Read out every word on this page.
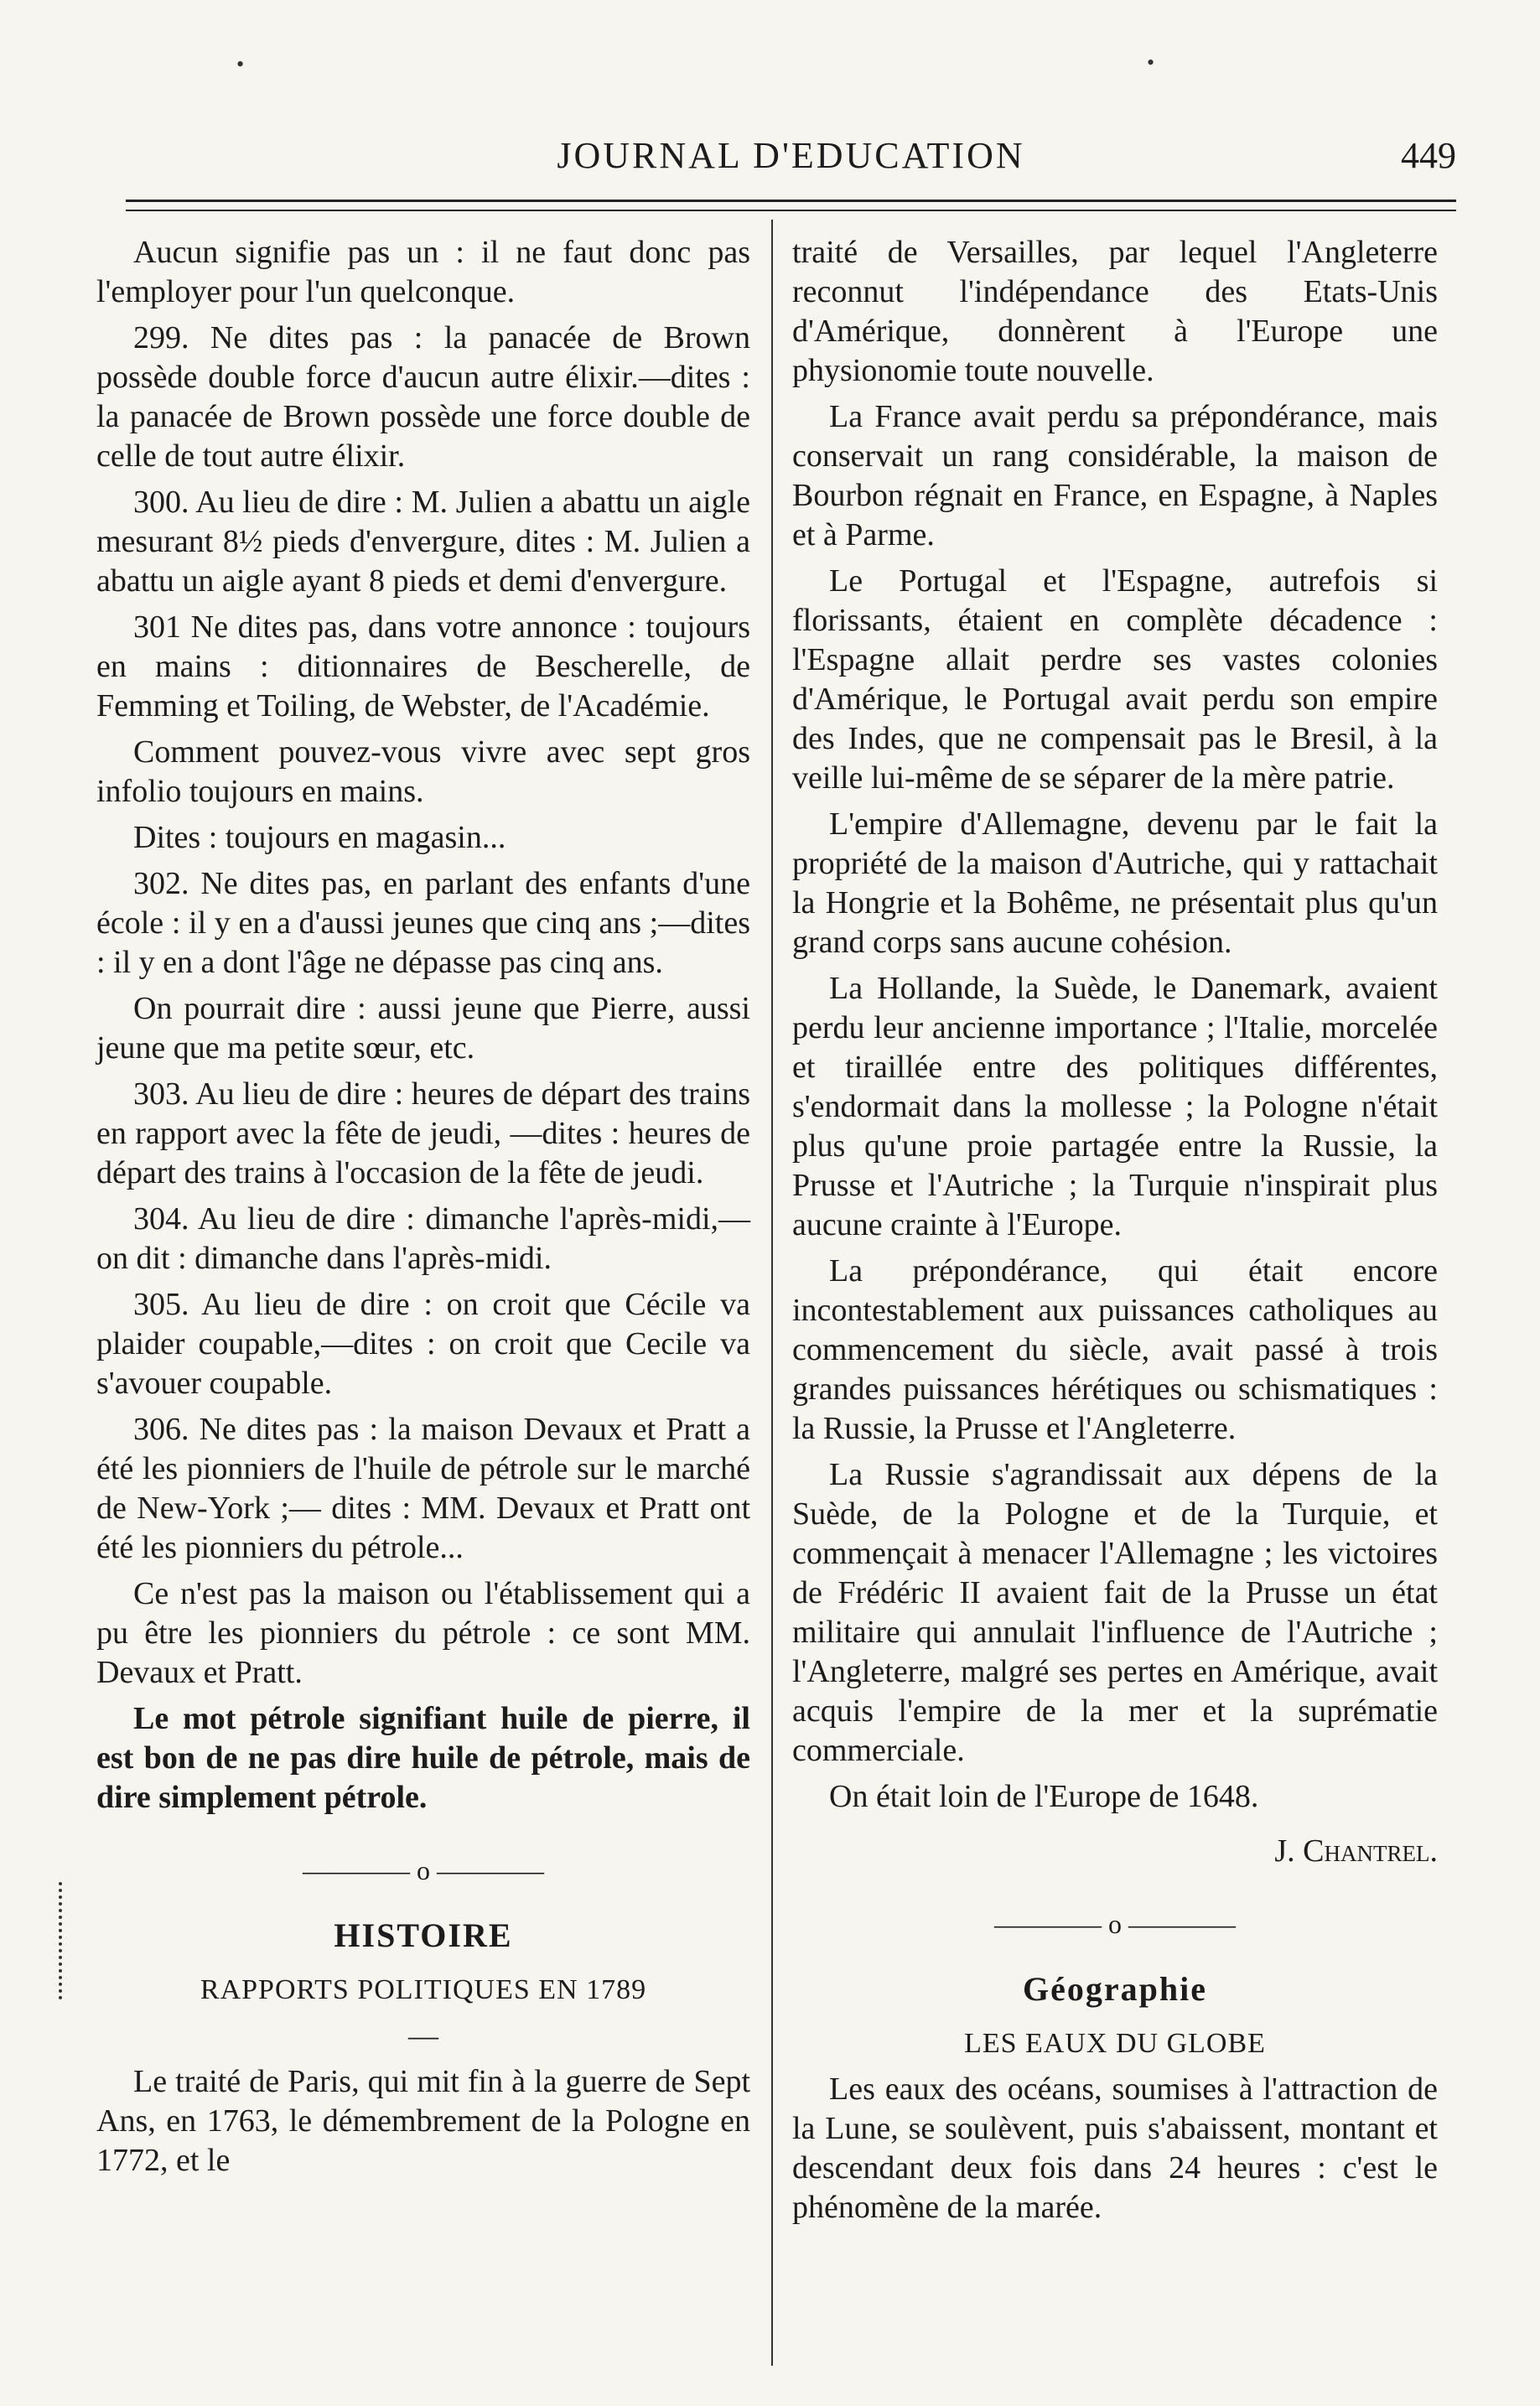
•	•
JOURNAL D'EDUCATION	449

Aucun signifie pas un : il ne faut donc pas l'employer pour l'un quelconque.

299. Ne dites pas : la panacée de Brown possède double force d'aucun autre élixir.—dites : la panacée de Brown possède une force double de celle de tout autre élixir.

300. Au lieu de dire : M. Julien a abattu un aigle mesurant 8½ pieds d'envergure, dites : M. Julien a abattu un aigle ayant 8 pieds et demi d'envergure.

301 Ne dites pas, dans votre annonce : toujours en mains : ditionnaires de Bescherelle, de Femming et Toiling, de Webster, de l'Académie.

Comment pouvez-vous vivre avec sept gros infolio toujours en mains.

Dites : toujours en magasin...

302. Ne dites pas, en parlant des enfants d'une école : il y en a d'aussi jeunes que cinq ans ;—dites : il y en a dont l'âge ne dépasse pas cinq ans.

On pourrait dire : aussi jeune que Pierre, aussi jeune que ma petite sœur, etc.

303. Au lieu de dire : heures de départ des trains en rapport avec la fête de jeudi, —dites : heures de départ des trains à l'occasion de la fête de jeudi.

304. Au lieu de dire : dimanche l'après-midi,—on dit : dimanche dans l'après-midi.

305. Au lieu de dire : on croit que Cécile va plaider coupable,—dites : on croit que Cecile va s'avouer coupable.

306. Ne dites pas : la maison Devaux et Pratt a été les pionniers de l'huile de pétrole sur le marché de New-York ;— dites : MM. Devaux et Pratt ont été les pionniers du pétrole...

Ce n'est pas la maison ou l'établissement qui a pu être les pionniers du pétrole : ce sont MM. Devaux et Pratt.

Le mot pétrole signifiant huile de pierre, il est bon de ne pas dire huile de pétrole, mais de dire simplement pétrole.

———— o ————
HISTOIRE
RAPPORTS POLITIQUES EN 1789
—

Le traité de Paris, qui mit fin à la guerre de Sept Ans, en 1763, le démembrement de la Pologne en 1772, et le

traité de Versailles, par lequel l'Angleterre reconnut l'indépendance des Etats-Unis d'Amérique, donnèrent à l'Europe une physionomie toute nouvelle.

La France avait perdu sa prépondérance, mais conservait un rang considérable, la maison de Bourbon régnait en France, en Espagne, à Naples et à Parme.

Le Portugal et l'Espagne, autrefois si florissants, étaient en complète décadence : l'Espagne allait perdre ses vastes colonies d'Amérique, le Portugal avait perdu son empire des Indes, que ne compensait pas le Bresil, à la veille lui-même de se séparer de la mère patrie.

L'empire d'Allemagne, devenu par le fait la propriété de la maison d'Autriche, qui y rattachait la Hongrie et la Bohême, ne présentait plus qu'un grand corps sans aucune cohésion.

La Hollande, la Suède, le Danemark, avaient perdu leur ancienne importance ; l'Italie, morcelée et tiraillée entre des politiques différentes, s'endormait dans la mollesse ; la Pologne n'était plus qu'une proie partagée entre la Russie, la Prusse et l'Autriche ; la Turquie n'inspirait plus aucune crainte à l'Europe.

La prépondérance, qui était encore incontestablement aux puissances catholiques au commencement du siècle, avait passé à trois grandes puissances hérétiques ou schismatiques : la Russie, la Prusse et l'Angleterre.

La Russie s'agrandissait aux dépens de la Suède, de la Pologne et de la Turquie, et commençait à menacer l'Allemagne ; les victoires de Frédéric II avaient fait de la Prusse un état militaire qui annulait l'influence de l'Autriche ; l'Angleterre, malgré ses pertes en Amérique, avait acquis l'empire de la mer et la suprématie commerciale.

On était loin de l'Europe de 1648.

J. Chantrel.

———— o ————
Géographie
LES EAUX DU GLOBE

Les eaux des océans, soumises à l'attraction de la Lune, se soulèvent, puis s'abaissent, montant et descendant deux fois dans 24 heures : c'est le phénomène de la marée.
